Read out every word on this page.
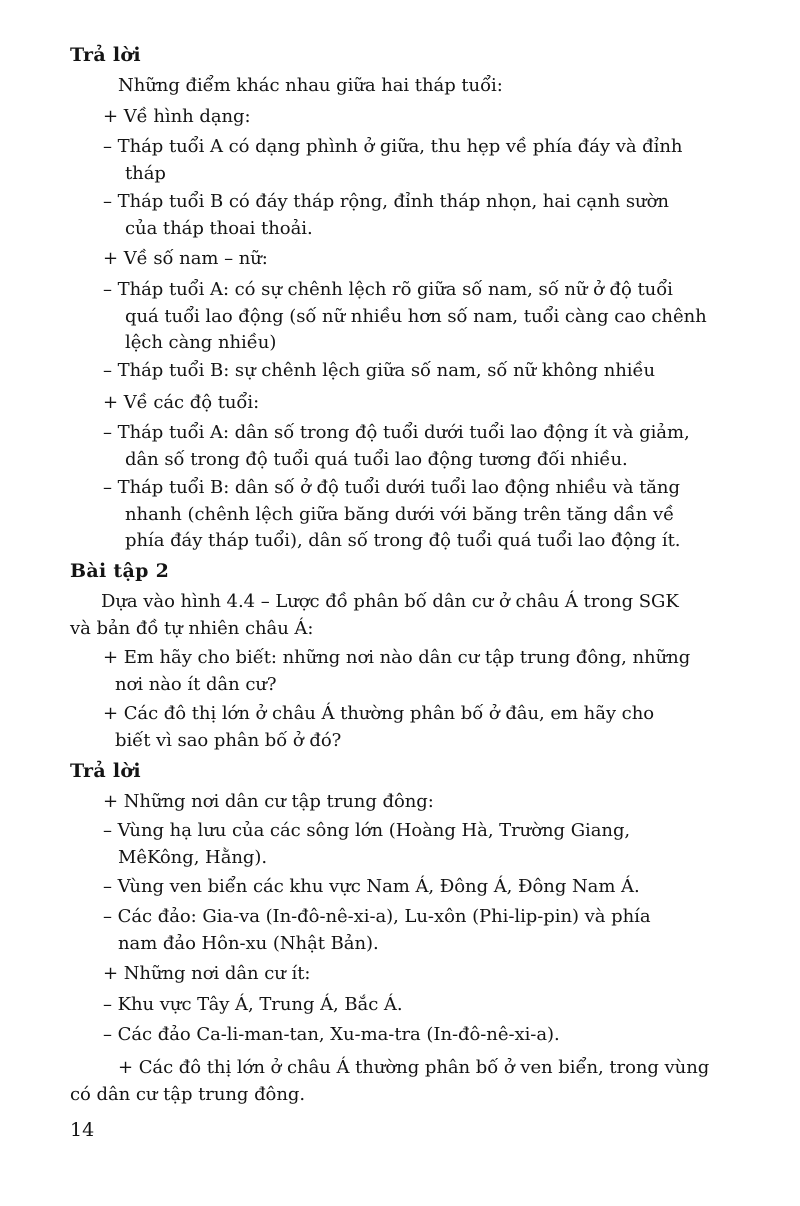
Trả lời
Những điểm khác nhau giữa hai tháp tuổi:
+ Về hình dạng:
– Tháp tuổi A có dạng phình ở giữa, thu hẹp về phía đáy và đỉnh
tháp
– Tháp tuổi B có đáy tháp rộng, đỉnh tháp nhọn, hai cạnh sườn
của tháp thoai thoải.
+ Về số nam – nữ:
– Tháp tuổi A: có sự chênh lệch rõ giữa số nam, số nữ ở độ tuổi
quá tuổi lao động (số nữ nhiều hơn số nam, tuổi càng cao chênh
lệch càng nhiều)
– Tháp tuổi B: sự chênh lệch giữa số nam, số nữ không nhiều
+ Về các độ tuổi:
– Tháp tuổi A: dân số trong độ tuổi dưới tuổi lao động ít và giảm,
dân số trong độ tuổi quá tuổi lao động tương đối nhiều.
– Tháp tuổi B: dân số ở độ tuổi dưới tuổi lao động nhiều và tăng
nhanh (chênh lệch giữa băng dưới với băng trên tăng dần về
phía đáy tháp tuổi), dân số trong độ tuổi quá tuổi lao động ít.
Bài tập 2
Dựa vào hình 4.4 – Lược đồ phân bố dân cư ở châu Á trong SGK
và bản đồ tự nhiên châu Á:
+ Em hãy cho biết: những nơi nào dân cư tập trung đông, những
nơi nào ít dân cư?
+ Các đô thị lớn ở châu Á thường phân bố ở đâu, em hãy cho
biết vì sao phân bố ở đó?
Trả lời
+ Những nơi dân cư tập trung đông:
– Vùng hạ lưu của các sông lớn (Hoàng Hà, Trường Giang,
MêKông, Hằng).
– Vùng ven biển các khu vực Nam Á, Đông Á, Đông Nam Á.
– Các đảo: Gia-va (In-đô-nê-xi-a), Lu-xôn (Phi-lip-pin) và phía
nam đảo Hôn-xu (Nhật Bản).
+ Những nơi dân cư ít:
– Khu vực Tây Á, Trung Á, Bắc Á.
– Các đảo Ca-li-man-tan, Xu-ma-tra (In-đô-nê-xi-a).
+ Các đô thị lớn ở châu Á thường phân bố ở ven biển, trong vùng
có dân cư tập trung đông.
14
